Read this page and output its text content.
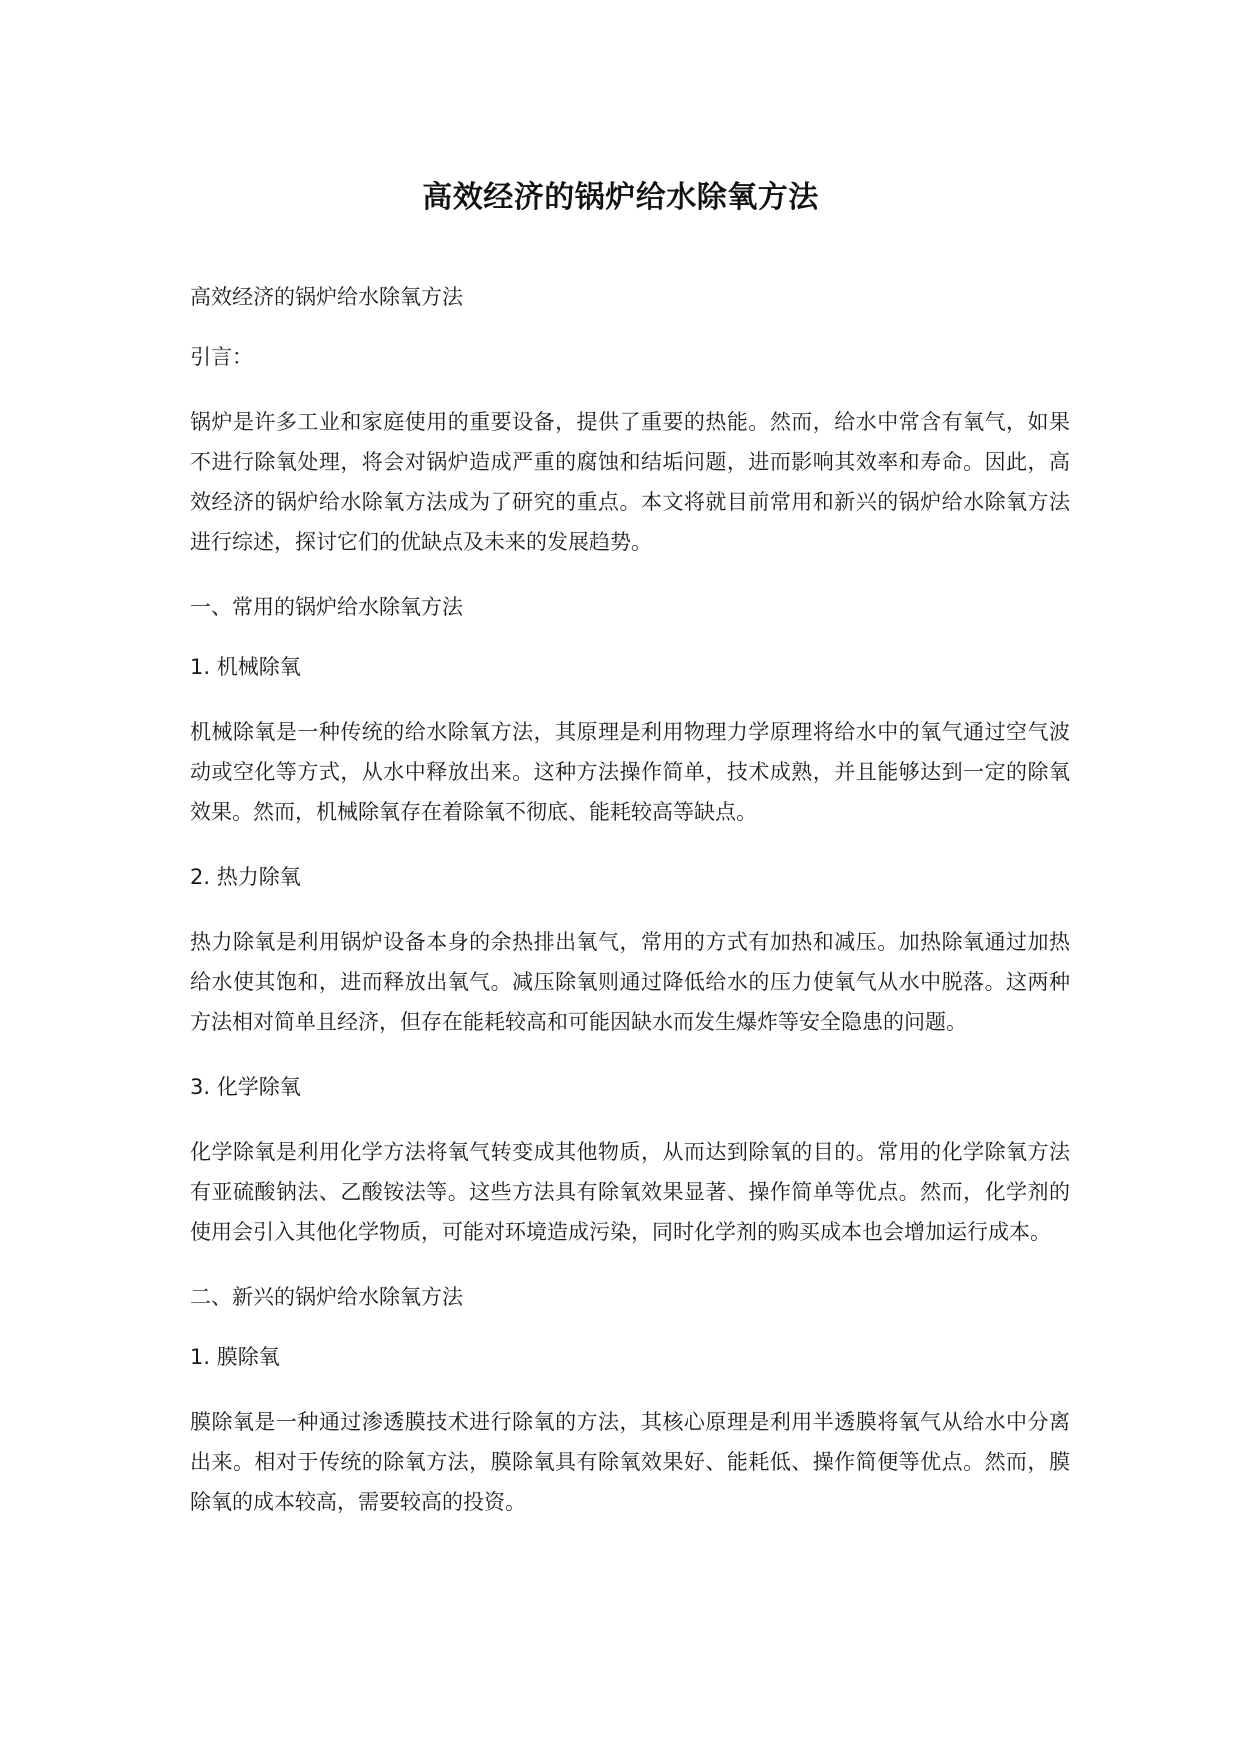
高效经济的锅炉给水除氧方法

高效经济的锅炉给水除氧方法

引言：

锅炉是许多工业和家庭使用的重要设备，提供了重要的热能。然而，给水中常含有氧气，如果不进行除氧处理，将会对锅炉造成严重的腐蚀和结垢问题，进而影响其效率和寿命。因此，高效经济的锅炉给水除氧方法成为了研究的重点。本文将就目前常用和新兴的锅炉给水除氧方法进行综述，探讨它们的优缺点及未来的发展趋势。

一、常用的锅炉给水除氧方法

1. 机械除氧

机械除氧是一种传统的给水除氧方法，其原理是利用物理力学原理将给水中的氧气通过空气波动或空化等方式，从水中释放出来。这种方法操作简单，技术成熟，并且能够达到一定的除氧效果。然而，机械除氧存在着除氧不彻底、能耗较高等缺点。

2. 热力除氧

热力除氧是利用锅炉设备本身的余热排出氧气，常用的方式有加热和减压。加热除氧通过加热给水使其饱和，进而释放出氧气。减压除氧则通过降低给水的压力使氧气从水中脱落。这两种方法相对简单且经济，但存在能耗较高和可能因缺水而发生爆炸等安全隐患的问题。

3. 化学除氧

化学除氧是利用化学方法将氧气转变成其他物质，从而达到除氧的目的。常用的化学除氧方法有亚硫酸钠法、乙酸铵法等。这些方法具有除氧效果显著、操作简单等优点。然而，化学剂的使用会引入其他化学物质，可能对环境造成污染，同时化学剂的购买成本也会增加运行成本。

二、新兴的锅炉给水除氧方法

1. 膜除氧

膜除氧是一种通过渗透膜技术进行除氧的方法，其核心原理是利用半透膜将氧气从给水中分离出来。相对于传统的除氧方法，膜除氧具有除氧效果好、能耗低、操作简便等优点。然而，膜除氧的成本较高，需要较高的投资。
